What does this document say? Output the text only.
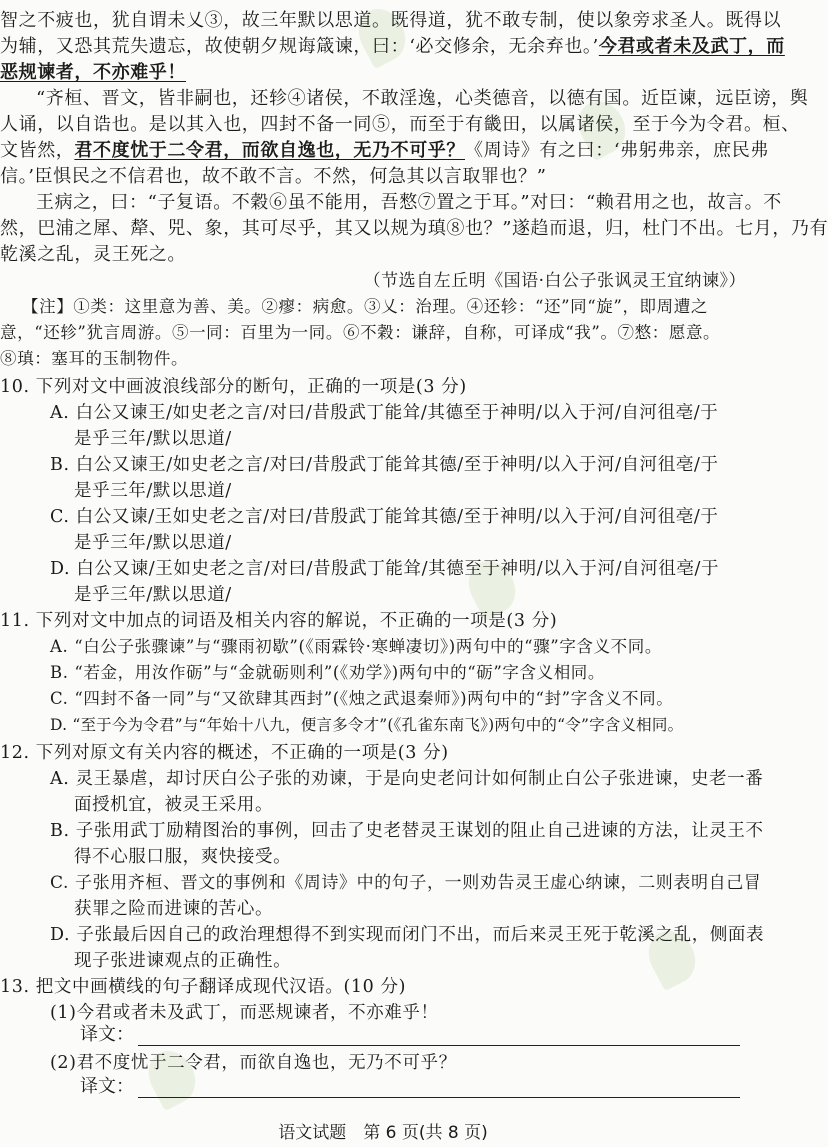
智之不疲也，犹自谓未乂③，故三年默以思道。既得道，犹不敢专制，使以象旁求圣人。既得以
为辅，又恐其荒失遗忘，故使朝夕规诲箴谏，曰：‘必交修余，无余弃也。’今君或者未及武丁，而
恶规谏者，不亦难乎！
“齐桓、晋文，皆非嗣也，还轸④诸侯，不敢淫逸，心类德音，以德有国。近臣谏，远臣谤，舆
人诵，以自诰也。是以其入也，四封不备一同⑤，而至于有畿田，以属诸侯，至于今为令君。桓、
文皆然，君不度忧于二令君，而欲自逸也，无乃不可乎？《周诗》有之曰：‘弗躬弗亲，庶民弗
信。’臣惧民之不信君也，故不敢不言。不然，何急其以言取罪也？”
王病之，曰：“子复语。不穀⑥虽不能用，吾憗⑦置之于耳。”对曰：“赖君用之也，故言。不
然，巴浦之犀、犛、兕、象，其可尽乎，其又以规为瑱⑧也？”遂趋而退，归，杜门不出。七月，乃有
乾溪之乱，灵王死之。
（节选自左丘明《国语·白公子张讽灵王宜纳谏》）
【注】①类：这里意为善、美。②瘳：病愈。③乂：治理。④还轸：“还”同“旋”，即周遭之
意，“还轸”犹言周游。⑤一同：百里为一同。⑥不穀：谦辞，自称，可译成“我”。⑦憗：愿意。
⑧瑱：塞耳的玉制物件。
10. 下列对文中画波浪线部分的断句，正确的一项是(3 分)
A. 白公又谏王/如史老之言/对曰/昔殷武丁能耸/其德至于神明/以入于河/自河徂亳/于
是乎三年/默以思道/
B. 白公又谏王/如史老之言/对曰/昔殷武丁能耸其德/至于神明/以入于河/自河徂亳/于
是乎三年/默以思道/
C. 白公又谏/王如史老之言/对曰/昔殷武丁能耸其德/至于神明/以入于河/自河徂亳/于
是乎三年/默以思道/
D. 白公又谏/王如史老之言/对曰/昔殷武丁能耸/其德至于神明/以入于河/自河徂亳/于
是乎三年/默以思道/
11. 下列对文中加点的词语及相关内容的解说，不正确的一项是(3 分)
A. “白公子张骤谏”与“骤雨初歇”(《雨霖铃·寒蝉凄切》)两句中的“骤”字含义不同。
B. “若金，用汝作砺”与“金就砺则利”(《劝学》)两句中的“砺”字含义相同。
C. “四封不备一同”与“又欲肆其西封”(《烛之武退秦师》)两句中的“封”字含义不同。
D. “至于今为令君”与“年始十八九，便言多令才”(《孔雀东南飞》)两句中的“令”字含义相同。
12. 下列对原文有关内容的概述，不正确的一项是(3 分)
A. 灵王暴虐，却讨厌白公子张的劝谏，于是向史老问计如何制止白公子张进谏，史老一番
面授机宜，被灵王采用。
B. 子张用武丁励精图治的事例，回击了史老替灵王谋划的阻止自己进谏的方法，让灵王不
得不心服口服，爽快接受。
C. 子张用齐桓、晋文的事例和《周诗》中的句子，一则劝告灵王虚心纳谏，二则表明自己冒
获罪之险而进谏的苦心。
D. 子张最后因自己的政治理想得不到实现而闭门不出，而后来灵王死于乾溪之乱，侧面表
现子张进谏观点的正确性。
13. 把文中画横线的句子翻译成现代汉语。(10 分)
(1)今君或者未及武丁，而恶规谏者，不亦难乎！
译文：
(2)君不度忧于二令君，而欲自逸也，无乃不可乎？
译文：
语文试题　第 6 页(共 8 页)
